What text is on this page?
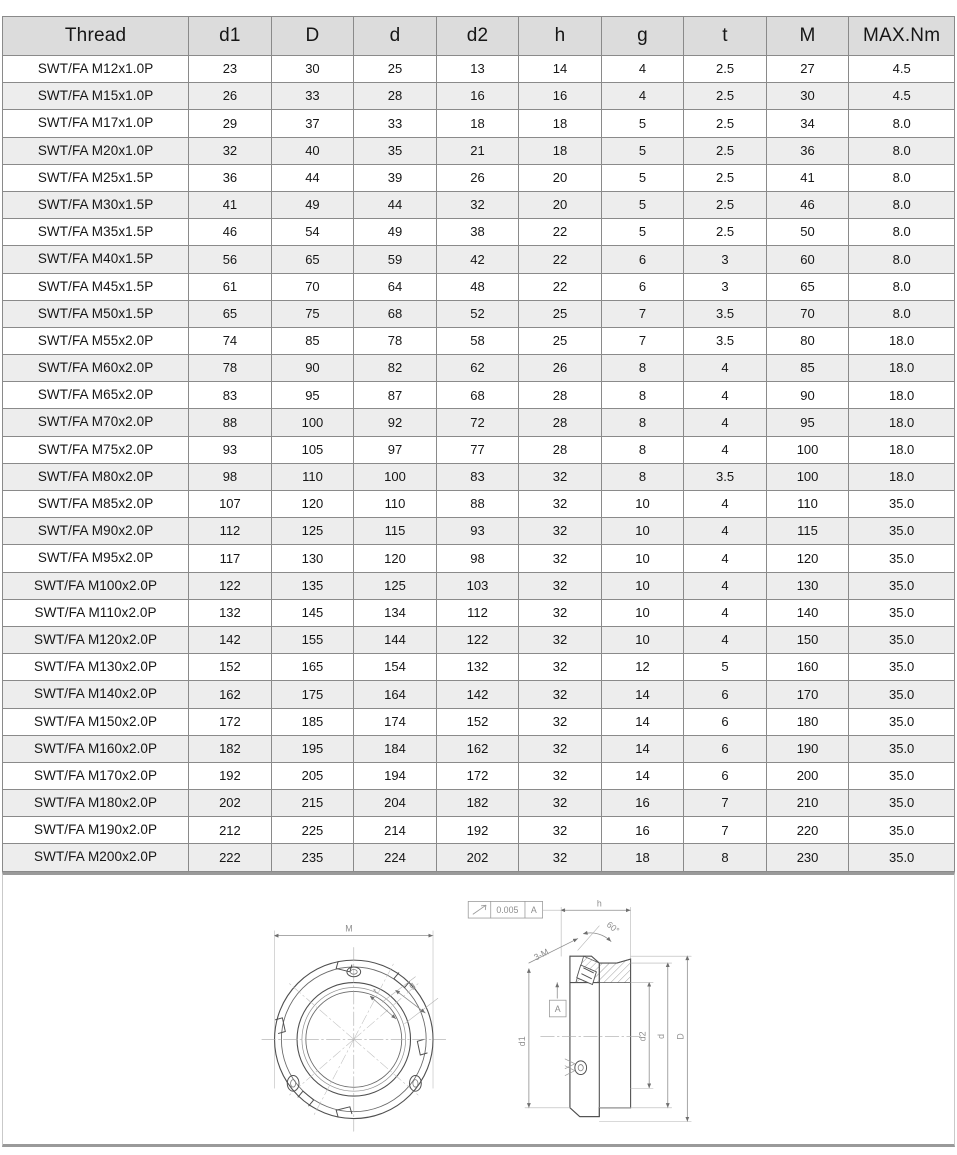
Thread	d1	D	d	d2	h	g	t	M	MAX.Nm
SWT/FA M12x1.0P	23	30	25	13	14	4	2.5	27	4.5
SWT/FA M15x1.0P	26	33	28	16	16	4	2.5	30	4.5
SWT/FA M17x1.0P	29	37	33	18	18	5	2.5	34	8.0
SWT/FA M20x1.0P	32	40	35	21	18	5	2.5	36	8.0
SWT/FA M25x1.5P	36	44	39	26	20	5	2.5	41	8.0
SWT/FA M30x1.5P	41	49	44	32	20	5	2.5	46	8.0
SWT/FA M35x1.5P	46	54	49	38	22	5	2.5	50	8.0
SWT/FA M40x1.5P	56	65	59	42	22	6	3	60	8.0
SWT/FA M45x1.5P	61	70	64	48	22	6	3	65	8.0
SWT/FA M50x1.5P	65	75	68	52	25	7	3.5	70	8.0
SWT/FA M55x2.0P	74	85	78	58	25	7	3.5	80	18.0
SWT/FA M60x2.0P	78	90	82	62	26	8	4	85	18.0
SWT/FA M65x2.0P	83	95	87	68	28	8	4	90	18.0
SWT/FA M70x2.0P	88	100	92	72	28	8	4	95	18.0
SWT/FA M75x2.0P	93	105	97	77	28	8	4	100	18.0
SWT/FA M80x2.0P	98	110	100	83	32	8	3.5	100	18.0
SWT/FA M85x2.0P	107	120	110	88	32	10	4	110	35.0
SWT/FA M90x2.0P	112	125	115	93	32	10	4	115	35.0
SWT/FA M95x2.0P	117	130	120	98	32	10	4	120	35.0
SWT/FA M100x2.0P	122	135	125	103	32	10	4	130	35.0
SWT/FA M110x2.0P	132	145	134	112	32	10	4	140	35.0
SWT/FA M120x2.0P	142	155	144	122	32	10	4	150	35.0
SWT/FA M130x2.0P	152	165	154	132	32	12	5	160	35.0
SWT/FA M140x2.0P	162	175	164	142	32	14	6	170	35.0
SWT/FA M150x2.0P	172	185	174	152	32	14	6	180	35.0
SWT/FA M160x2.0P	182	195	184	162	32	14	6	190	35.0
SWT/FA M170x2.0P	192	205	194	172	32	14	6	200	35.0
SWT/FA M180x2.0P	202	215	204	182	32	16	7	210	35.0
SWT/FA M190x2.0P	212	225	214	192	32	16	7	220	35.0
SWT/FA M200x2.0P	222	235	224	202	32	18	8	230	35.0
M
g
t
0.005 A
h
60°
3-M
A
d1	d2 d D
